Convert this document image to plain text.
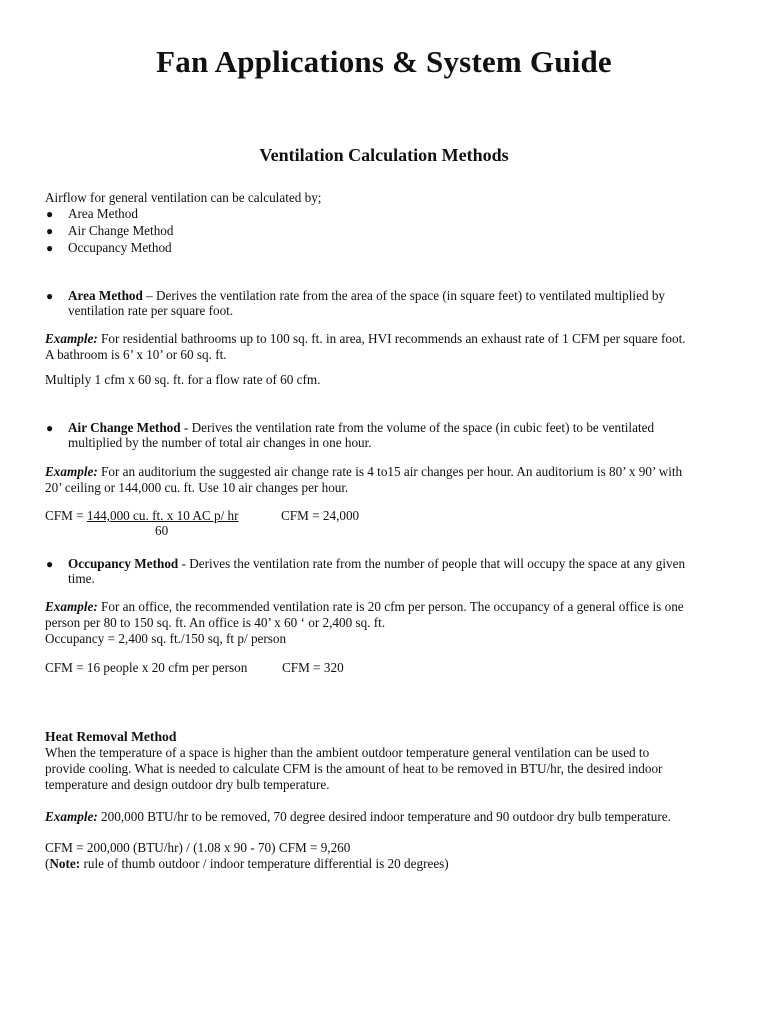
Fan Applications & System Guide
Ventilation Calculation Methods
Airflow for general ventilation can be calculated by;
● Area Method
● Air Change Method
● Occupancy Method
● Area Method – Derives the ventilation rate from the area of the space (in square feet) to ventilated multiplied by
ventilation rate per square foot.
Example: For residential bathrooms up to 100 sq. ft. in area, HVI recommends an exhaust rate of 1 CFM per square foot.
A bathroom is 6’ x 10’ or 60 sq. ft.
Multiply 1 cfm x 60 sq. ft. for a flow rate of 60 cfm.
● Air Change Method - Derives the ventilation rate from the volume of the space (in cubic feet) to be ventilated
multiplied by the number of total air changes in one hour.
Example: For an auditorium the suggested air change rate is 4 to15 air changes per hour. An auditorium is 80’ x 90’ with
20’ ceiling or 144,000 cu. ft. Use 10 air changes per hour.
CFM = 144,000 cu. ft. x 10 AC p/ hr
60
CFM = 24,000
● Occupancy Method - Derives the ventilation rate from the number of people that will occupy the space at any given
time.
Example: For an office, the recommended ventilation rate is 20 cfm per person. The occupancy of a general office is one
person per 80 to 150 sq. ft. An office is 40’ x 60 ‘ or 2,400 sq. ft.
Occupancy = 2,400 sq. ft./150 sq, ft p/ person
CFM = 16 people x 20 cfm per person	CFM = 320
Heat Removal Method
When the temperature of a space is higher than the ambient outdoor temperature general ventilation can be used to
provide cooling. What is needed to calculate CFM is the amount of heat to be removed in BTU/hr, the desired indoor
temperature and design outdoor dry bulb temperature.
Example: 200,000 BTU/hr to be removed, 70 degree desired indoor temperature and 90 outdoor dry bulb temperature.
CFM = 200,000 (BTU/hr) / (1.08 x 90 - 70) CFM = 9,260
(Note: rule of thumb outdoor / indoor temperature differential is 20 degrees)
